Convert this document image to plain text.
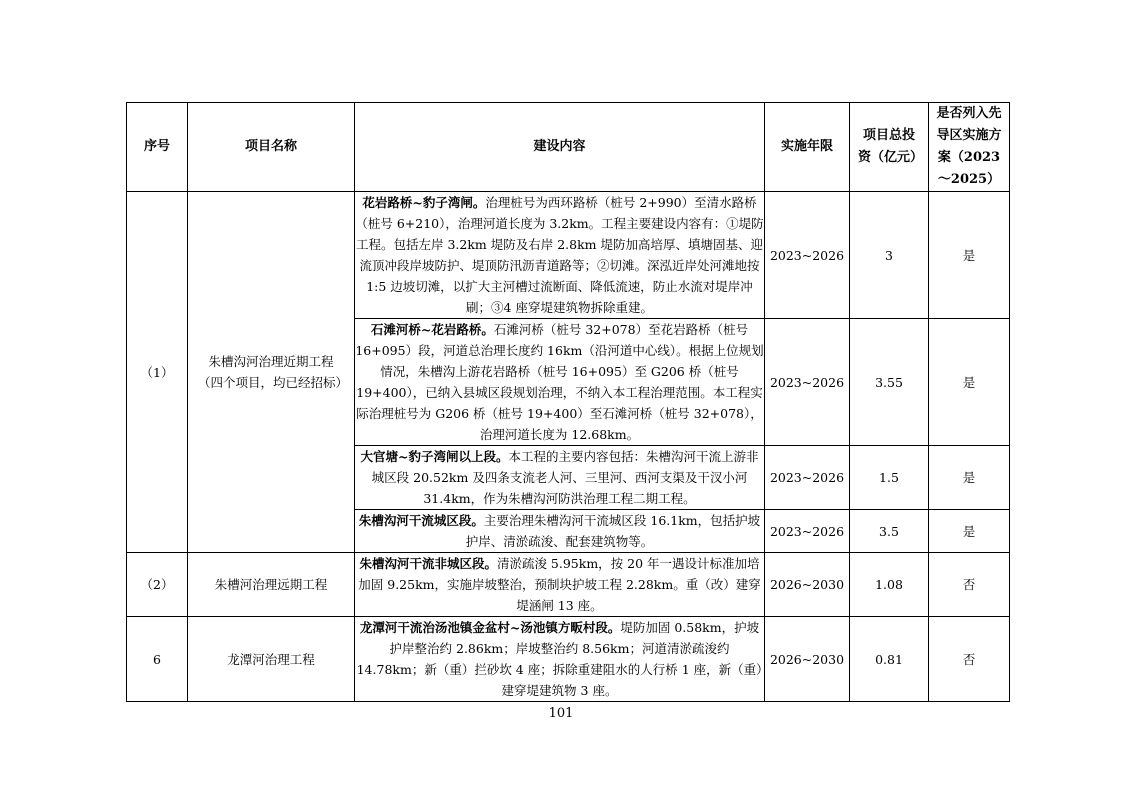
序号	项目名称	建设内容	实施年限	项目总投资（亿元）	是否列入先导区实施方案（2023～2025）
（1）	朱槽沟河治理近期工程（四个项目，均已经招标）	花岩路桥~豹子湾闸。治理桩号为西环路桥（桩号 2+990）至清水路桥（桩号 6+210），治理河道长度为 3.2km。工程主要建设内容有：①堤防工程。包括左岸 3.2km 堤防及右岸 2.8km 堤防加高培厚、填塘固基、迎流顶冲段岸坡防护、堤顶防汛沥青道路等；②切滩。深泓近岸处河滩地按 1:5 边坡切滩，以扩大主河槽过流断面、降低流速，防止水流对堤岸冲刷；③4 座穿堤建筑物拆除重建。	2023~2026	3	是
		石滩河桥~花岩路桥。石滩河桥（桩号 32+078）至花岩路桥（桩号 16+095）段，河道总治理长度约 16km（沿河道中心线）。根据上位规划情况，朱槽沟上游花岩路桥（桩号 16+095）至 G206 桥（桩号 19+400），已纳入县城区段规划治理，不纳入本工程治理范围。本工程实际治理桩号为 G206 桥（桩号 19+400）至石滩河桥（桩号 32+078），治理河道长度为 12.68km。	2023~2026	3.55	是
		大官塘~豹子湾闸以上段。本工程的主要内容包括：朱槽沟河干流上游非城区段 20.52km 及四条支流老人河、三里河、西河支渠及干汊小河 31.4km，作为朱槽沟河防洪治理工程二期工程。	2023~2026	1.5	是
		朱槽沟河干流城区段。主要治理朱槽沟河干流城区段 16.1km，包括护坡护岸、清淤疏浚、配套建筑物等。	2023~2026	3.5	是
（2）	朱槽河治理远期工程	朱槽沟河干流非城区段。清淤疏浚 5.95km，按 20 年一遇设计标准加培加固 9.25km，实施岸坡整治，预制块护坡工程 2.28km。重（改）建穿堤涵闸 13 座。	2026~2030	1.08	否
6	龙潭河治理工程	龙潭河干流治汤池镇金盆村~汤池镇方畈村段。堤防加固 0.58km，护坡护岸整治约 2.86km；岸坡整治约 8.56km；河道清淤疏浚约 14.78km；新（重）拦砂坎 4 座；拆除重建阻水的人行桥 1 座，新（重）建穿堤建筑物 3 座。	2026~2030	0.81	否
101
